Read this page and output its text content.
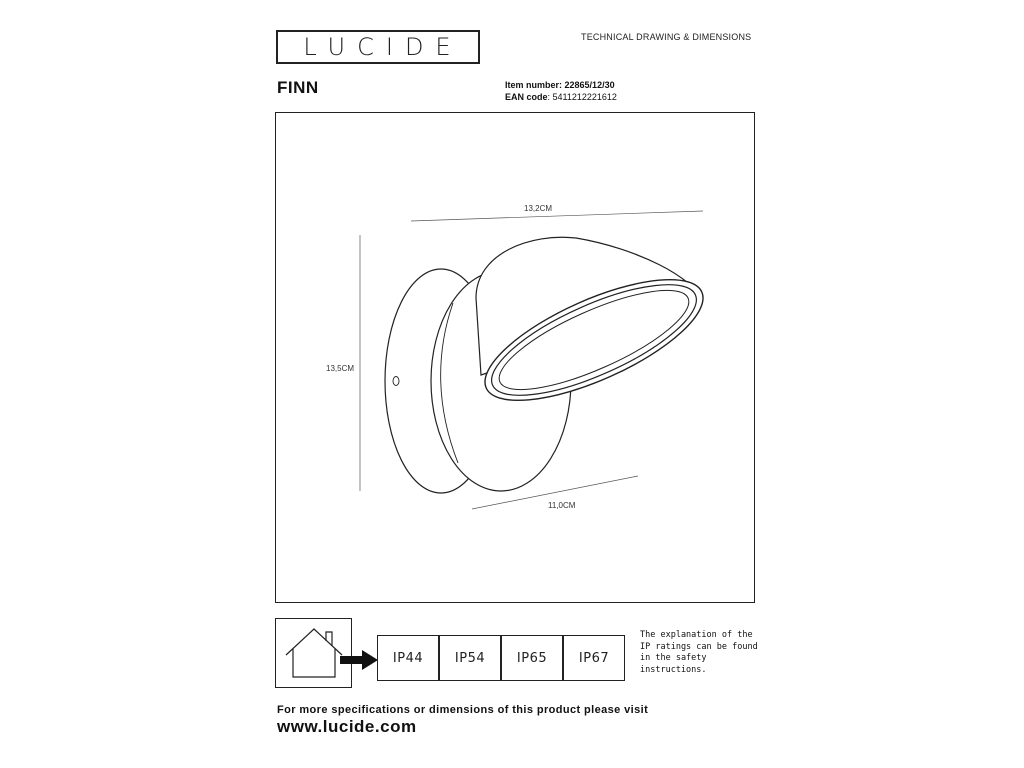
LUCIDE	TECHNICAL DRAWING & DIMENSIONS
FINN	Item number: 22865/12/30
EAN code: 5411212221612
13,2CM
13,5CM
11,0CM
IP44 IP54 IP65 IP67
The explanation of the IP ratings can be found in the safety instructions.
For more specifications or dimensions of this product please visit
www.lucide.com
